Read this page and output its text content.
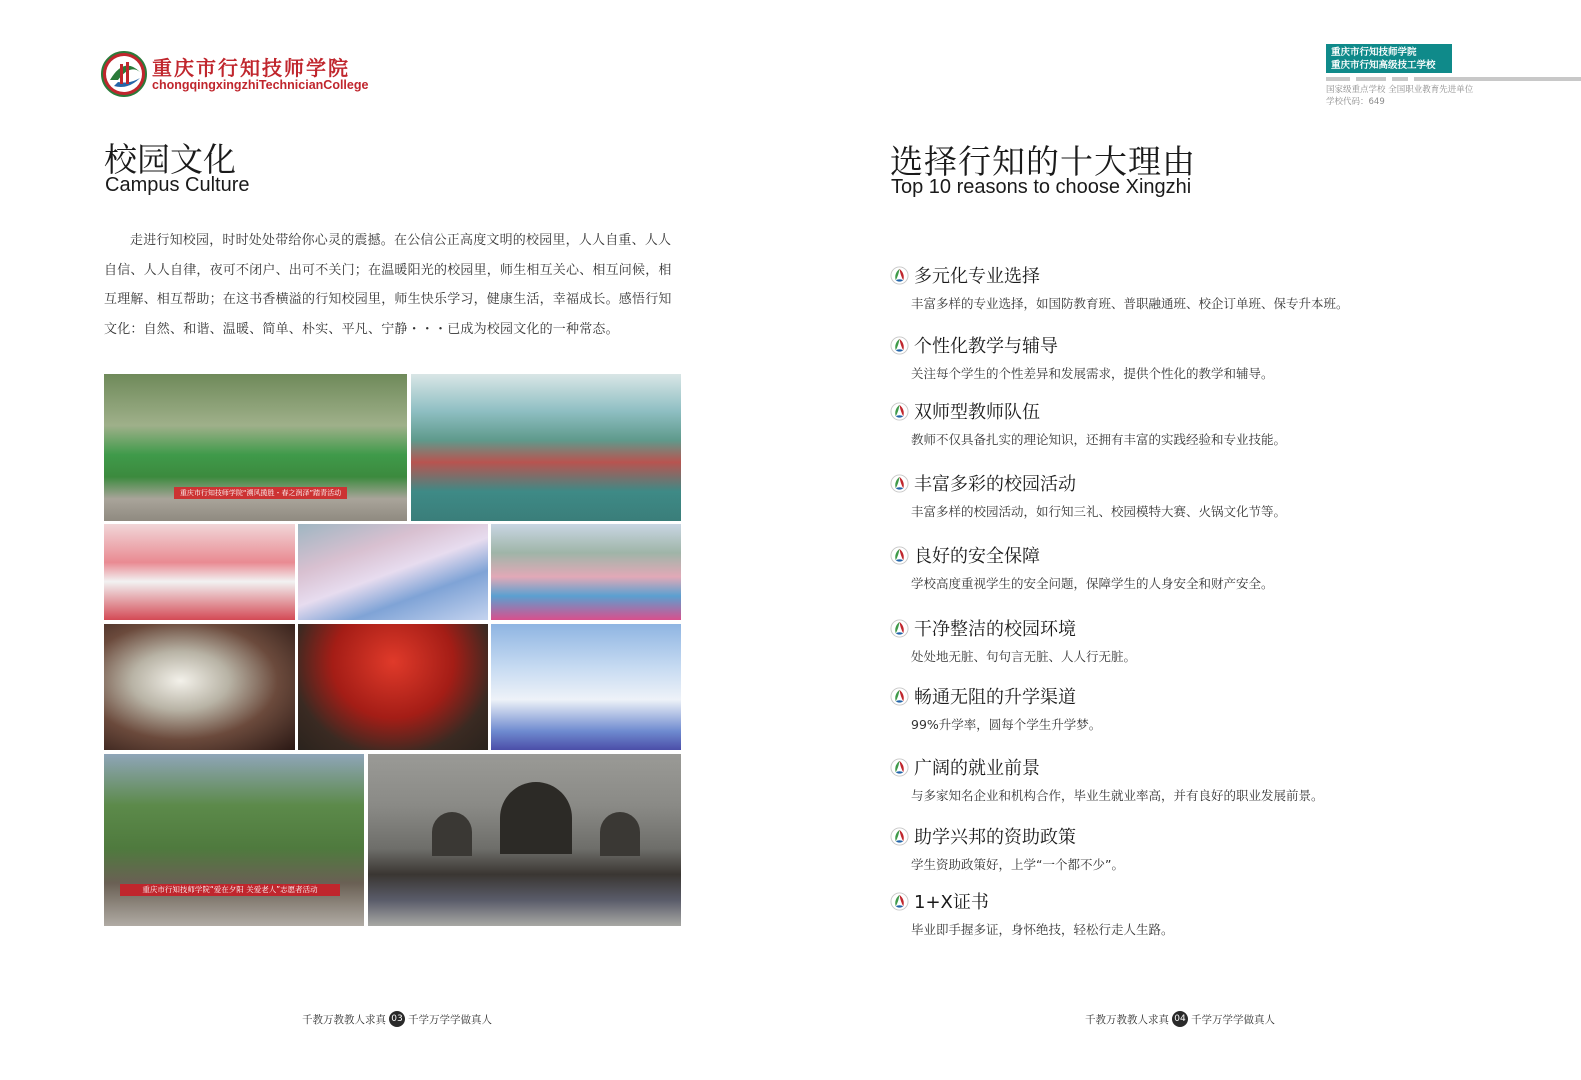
重庆市行知技师学院
chongqingxingzhiTechnicianCollege
校园文化
Campus Culture

走进行知校园，时时处处带给你心灵的震撼。在公信公正高度文明的校园里，人人自重、人人自信、人人自律，夜可不闭户、出可不关门；在温暖阳光的校园里，师生相互关心、相互问候，相互理解、相互帮助；在这书香横溢的行知校园里，师生快乐学习，健康生活，幸福成长。感悟行知文化：自然、和谐、温暖、简单、朴实、平凡、宁静・・・已成为校园文化的一种常态。

重庆市行知技师学院“溯风揽胜・春之润泽”踏青活动
重庆市行知技师学院“爱在夕阳 关爱老人”志愿者活动
千教万教教人求真 03 千学万学学做真人
重庆市行知技师学院
重庆市行知高级技工学校
国家级重点学校 全国职业教育先进单位
学校代码：649
选择行知的十大理由
Top 10 reasons to choose Xingzhi
多元化专业选择
丰富多样的专业选择，如国防教育班、普职融通班、校企订单班、保专升本班。
个性化教学与辅导
关注每个学生的个性差异和发展需求，提供个性化的教学和辅导。
双师型教师队伍
教师不仅具备扎实的理论知识，还拥有丰富的实践经验和专业技能。
丰富多彩的校园活动
丰富多样的校园活动，如行知三礼、校园模特大赛、火锅文化节等。
良好的安全保障
学校高度重视学生的安全问题，保障学生的人身安全和财产安全。
干净整洁的校园环境
处处地无脏、句句言无脏、人人行无脏。
畅通无阻的升学渠道
99%升学率，圆每个学生升学梦。
广阔的就业前景
与多家知名企业和机构合作，毕业生就业率高，并有良好的职业发展前景。
助学兴邦的资助政策
学生资助政策好，上学“一个都不少”。
1+X证书
毕业即手握多证，身怀绝技，轻松行走人生路。
千教万教教人求真 04 千学万学学做真人
